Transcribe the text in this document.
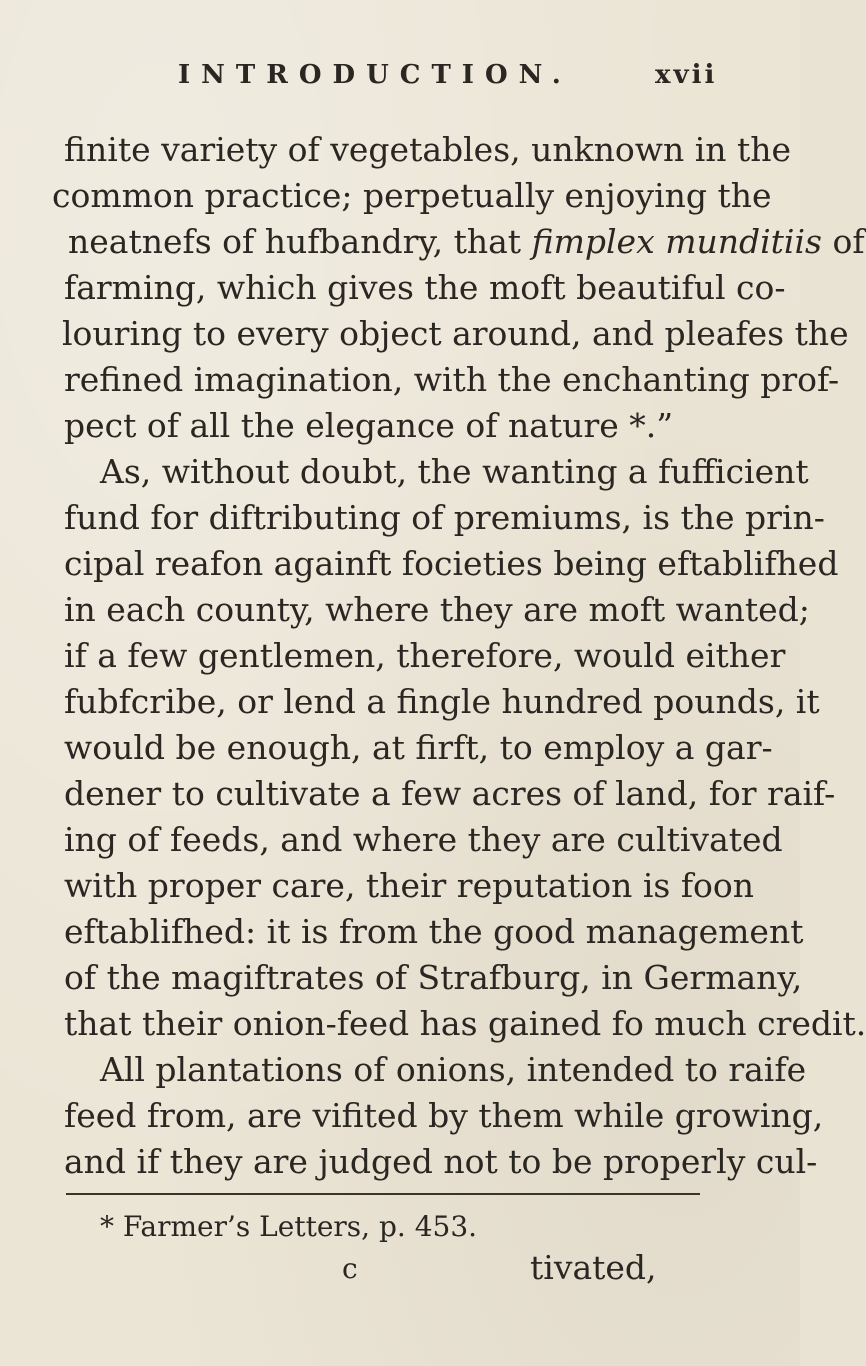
INTRODUCTION.	xvii
finite variety of vegetables, unknown in the
common practice; perpetually enjoying the
neatnefs of hufbandry, that fimplex munditiis of
farming, which gives the moft beautiful co-
louring to every object around, and pleafes the
refined imagination, with the enchanting prof-
pect of all the elegance of nature *.”
As, without doubt, the wanting a fufficient
fund for diftributing of premiums, is the prin-
cipal reafon againft focieties being eftablifhed
in each county, where they are moft wanted;
if a few gentlemen, therefore, would either
fubfcribe, or lend a fingle hundred pounds, it
would be enough, at firft, to employ a gar-
dener to cultivate a few acres of land, for raif-
ing of feeds, and where they are cultivated
with proper care, their reputation is foon
eftablifhed: it is from the good management
of the magiftrates of Strafburg, in Germany,
that their onion-feed has gained fo much credit.
All plantations of onions, intended to raife
feed from, are vifited by them while growing,
and if they are judged not to be properly cul-
* Farmer’s Letters, p. 453.
c	tivated,
